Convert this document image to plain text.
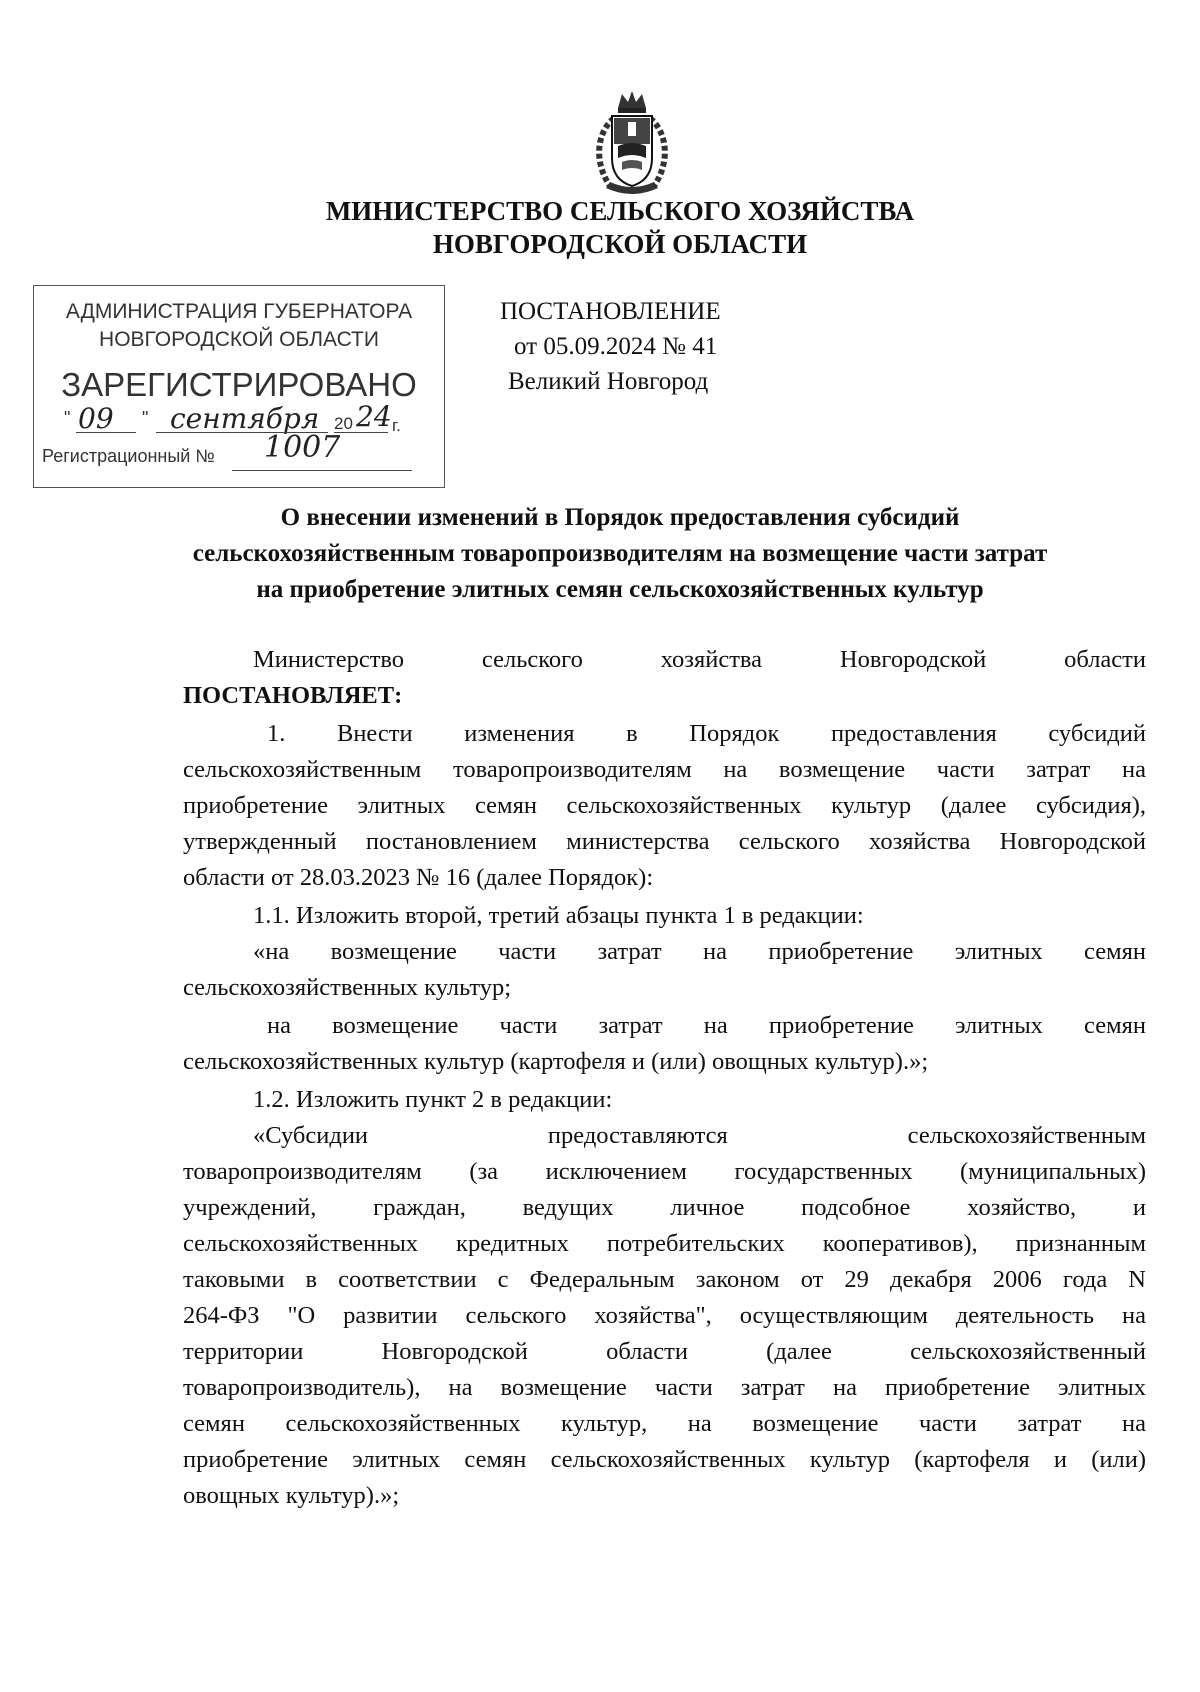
МИНИСТЕРСТВО СЕЛЬСКОГО ХОЗЯЙСТВА
НОВГОРОДСКОЙ ОБЛАСТИ
АДМИНИСТРАЦИЯ ГУБЕРНАТОРА
НОВГОРОДСКОЙ ОБЛАСТИ
ЗАРЕГИСТРИРОВАНО
" 09 " сентября 20 24 г.
Регистрационный № 1007
ПОСТАНОВЛЕНИЕ
от 05.09.2024 № 41
Великий Новгород
О внесении изменений в Порядок предоставления субсидий
сельскохозяйственным товаропроизводителям на возмещение части затрат
на приобретение элитных семян сельскохозяйственных культур
Министерство сельского хозяйства Новгородской области
ПОСТАНОВЛЯЕТ:
1. Внести изменения в Порядок предоставления субсидий
сельскохозяйственным товаропроизводителям на возмещение части затрат на
приобретение элитных семян сельскохозяйственных культур (далее субсидия),
утвержденный постановлением министерства сельского хозяйства Новгородской
области от 28.03.2023 № 16 (далее Порядок):
1.1. Изложить второй, третий абзацы пункта 1 в редакции:
«на возмещение части затрат на приобретение элитных семян
сельскохозяйственных культур;
на возмещение части затрат на приобретение элитных семян
сельскохозяйственных культур (картофеля и (или) овощных культур).»;
1.2. Изложить пункт 2 в редакции:
«Субсидии предоставляются сельскохозяйственным
товаропроизводителям (за исключением государственных (муниципальных)
учреждений, граждан, ведущих личное подсобное хозяйство, и
сельскохозяйственных кредитных потребительских кооперативов), признанным
таковыми в соответствии с Федеральным законом от 29 декабря 2006 года N
264-ФЗ "О развитии сельского хозяйства", осуществляющим деятельность на
территории Новгородской области (далее сельскохозяйственный
товаропроизводитель), на возмещение части затрат на приобретение элитных
семян сельскохозяйственных культур, на возмещение части затрат на
приобретение элитных семян сельскохозяйственных культур (картофеля и (или)
овощных культур).»;
